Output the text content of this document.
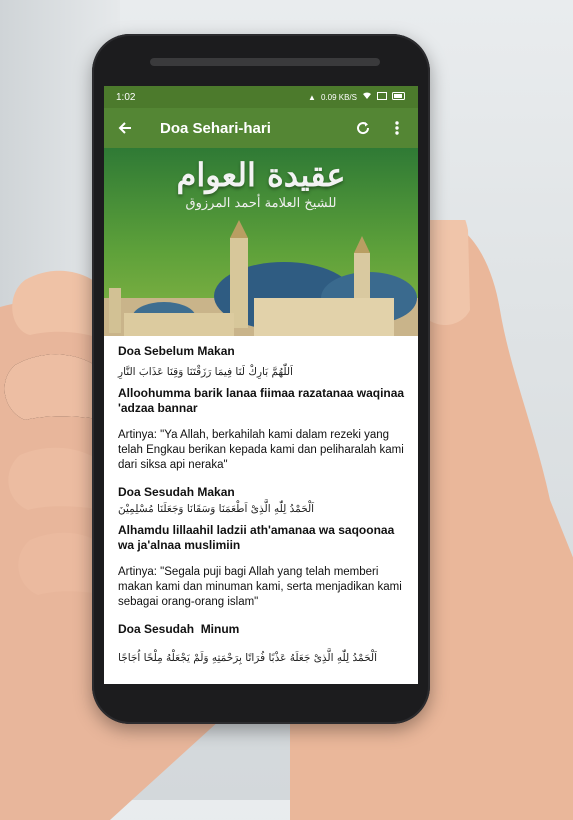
1:02	▲ 0.09 KB/S
Doa Sehari-hari
عقيدة العوام
للشيخ العلامة أحمد المرزوق

Doa Sebelum Makan

اَللّٰهُمَّ بَارِكْ لَنَا فِيمَا رَزَقْتَنَا وَقِنَا عَذَابَ النَّارِ

Alloohumma barik lanaa fiimaa razatanaa waqinaa 'adzaa bannar

Artinya: "Ya Allah, berkahilah kami dalam rezeki yang telah Engkau berikan kepada kami dan peliharalah kami dari siksa api neraka"

Doa Sesudah Makan

اَلْحَمْدُ لِلّٰهِ الَّذِىْ اَطْعَمَنَا وَسَقَانَا وَجَعَلَنَا مُسْلِمِيْنَ

Alhamdu lillaahil ladzii ath'amanaa wa saqoonaa wa ja'alnaa muslimiin

Artinya: "Segala puji bagi Allah yang telah memberi makan kami dan minuman kami, serta menjadikan kami sebagai orang-orang islam"

Doa Sesudah  Minum

اَلْحَمْدُ لِلّٰهِ الَّذِىْ جَعَلَهُ عَذْبًا فُرَاتًا بِرَحْمَتِهِ وَلَمْ يَجْعَلْهُ مِلْحًا اُجَاجًا
